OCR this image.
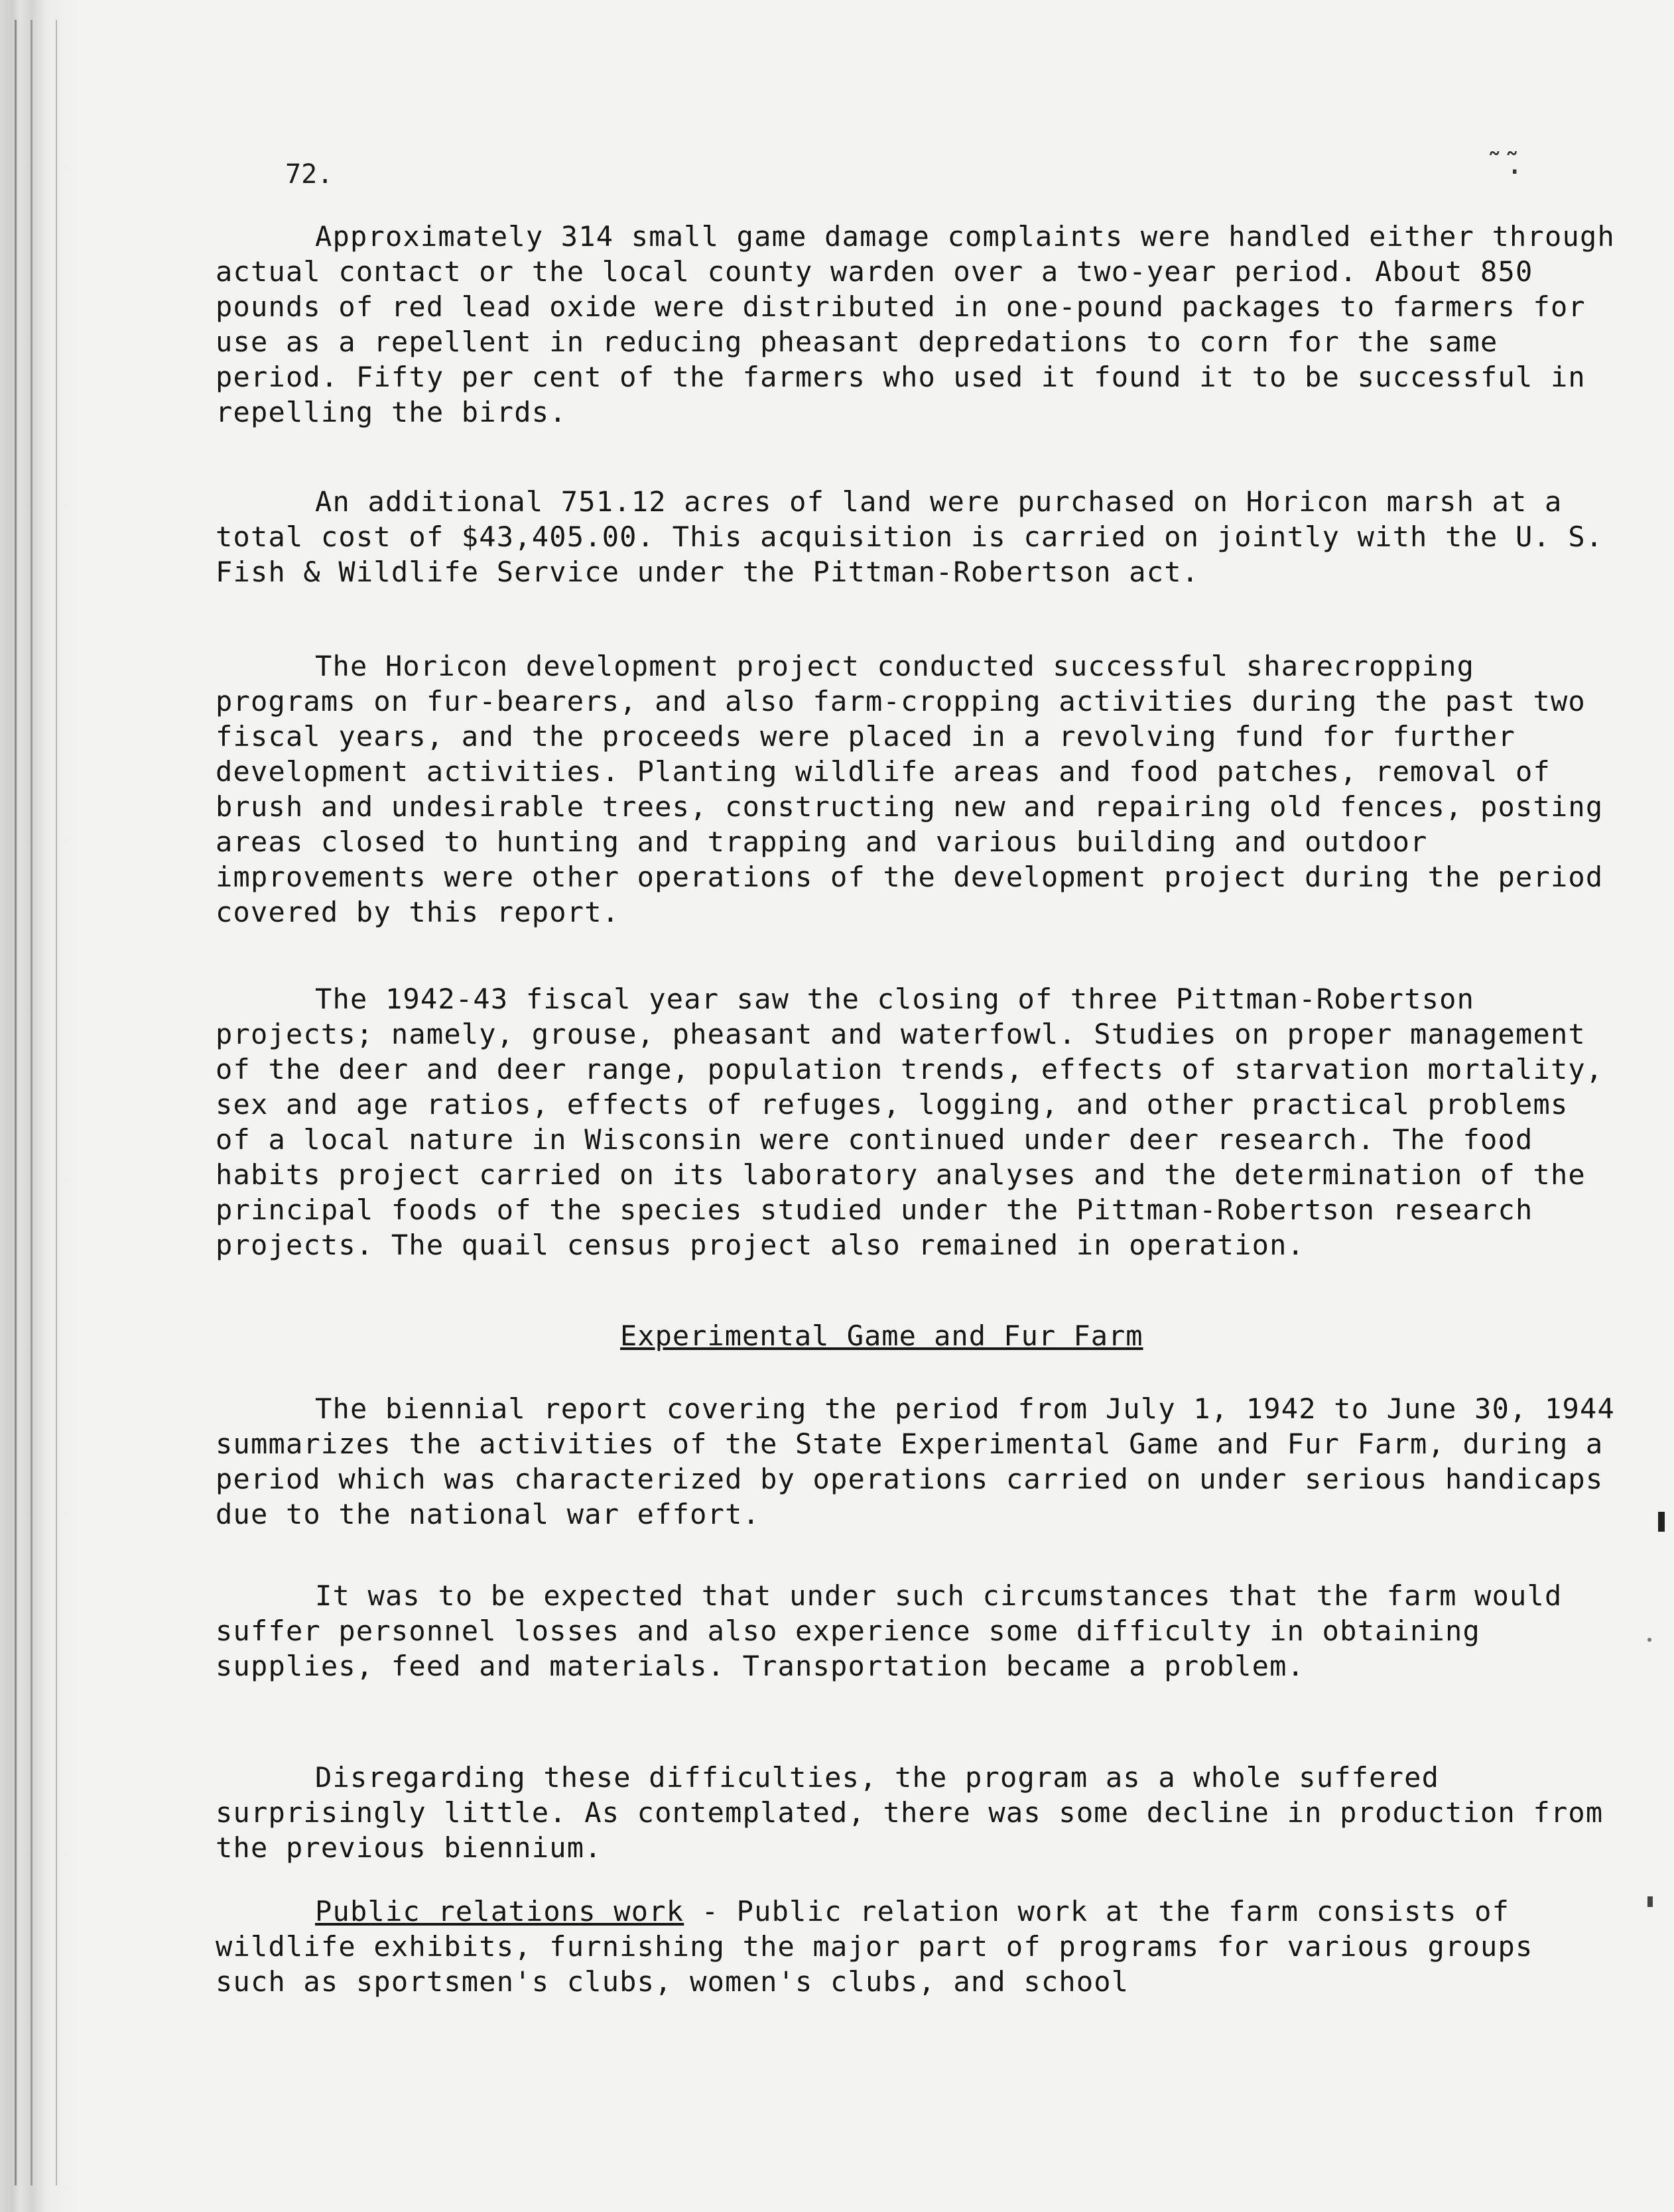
72.	˜̃.

Approximately 314 small game damage complaints were handled either through actual contact or the local county warden over a two-year period. About 850 pounds of red lead oxide were distributed in one-pound packages to farmers for use as a repellent in reducing pheasant depredations to corn for the same period. Fifty per cent of the farmers who used it found it to be successful in repelling the birds.

An additional 751.12 acres of land were purchased on Horicon marsh at a total cost of $43,405.00. This acquisition is carried on jointly with the U. S. Fish & Wildlife Service under the Pittman-Robertson act.

The Horicon development project conducted successful sharecropping programs on fur-bearers, and also farm-cropping activities during the past two fiscal years, and the proceeds were placed in a revolving fund for further development activities. Planting wildlife areas and food patches, removal of brush and undesirable trees, constructing new and repairing old fences, posting areas closed to hunting and trapping and various building and outdoor improvements were other operations of the development project during the period covered by this report.

The 1942-43 fiscal year saw the closing of three Pittman-Robertson projects; namely, grouse, pheasant and waterfowl. Studies on proper management of the deer and deer range, population trends, effects of starvation mortality, sex and age ratios, effects of refuges, logging, and other practical problems of a local nature in Wisconsin were continued under deer research. The food habits project carried on its laboratory analyses and the determination of the principal foods of the species studied under the Pittman-Robertson research projects. The quail census project also remained in operation.

Experimental Game and Fur Farm

The biennial report covering the period from July 1, 1942 to June 30, 1944 summarizes the activities of the State Experimental Game and Fur Farm, during a period which was characterized by operations carried on under serious handicaps due to the national war effort.

It was to be expected that under such circumstances that the farm would suffer personnel losses and also experience some difficulty in obtaining supplies, feed and materials. Transportation became a problem.

Disregarding these difficulties, the program as a whole suffered surprisingly little. As contemplated, there was some decline in production from the previous biennium.

Public relations work - Public relation work at the farm consists of wildlife exhibits, furnishing the major part of programs for various groups such as sportsmen's clubs, women's clubs, and school
